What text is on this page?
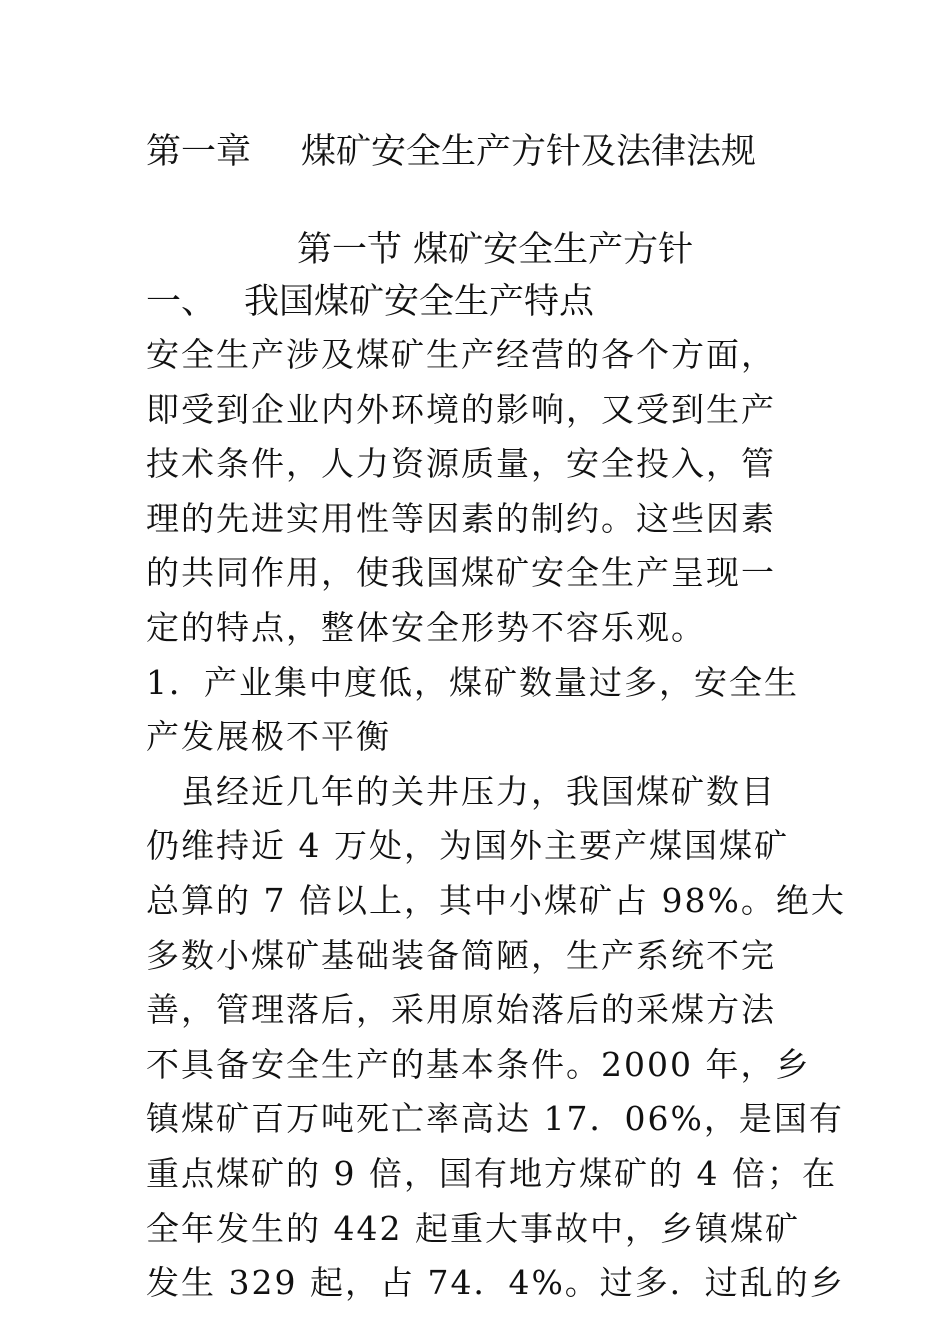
第一章 煤矿安全生产方针及法律法规
第一节 煤矿安全生产方针
一、 我国煤矿安全生产特点
安全生产涉及煤矿生产经营的各个方面，
即受到企业内外环境的影响，又受到生产
技术条件，人力资源质量，安全投入，管
理的先进实用性等因素的制约。这些因素
的共同作用，使我国煤矿安全生产呈现一
定的特点，整体安全形势不容乐观。
1．产业集中度低，煤矿数量过多，安全生
产发展极不平衡
　虽经近几年的关井压力，我国煤矿数目
仍维持近 4 万处，为国外主要产煤国煤矿
总算的 7 倍以上，其中小煤矿占 98%。绝大
多数小煤矿基础装备简陋，生产系统不完
善，管理落后，采用原始落后的采煤方法
不具备安全生产的基本条件。2000 年，乡
镇煤矿百万吨死亡率高达 17．06%，是国有
重点煤矿的 9 倍，国有地方煤矿的 4 倍；在
全年发生的 442 起重大事故中，乡镇煤矿
发生 329 起，占 74．4%。过多．过乱的乡
